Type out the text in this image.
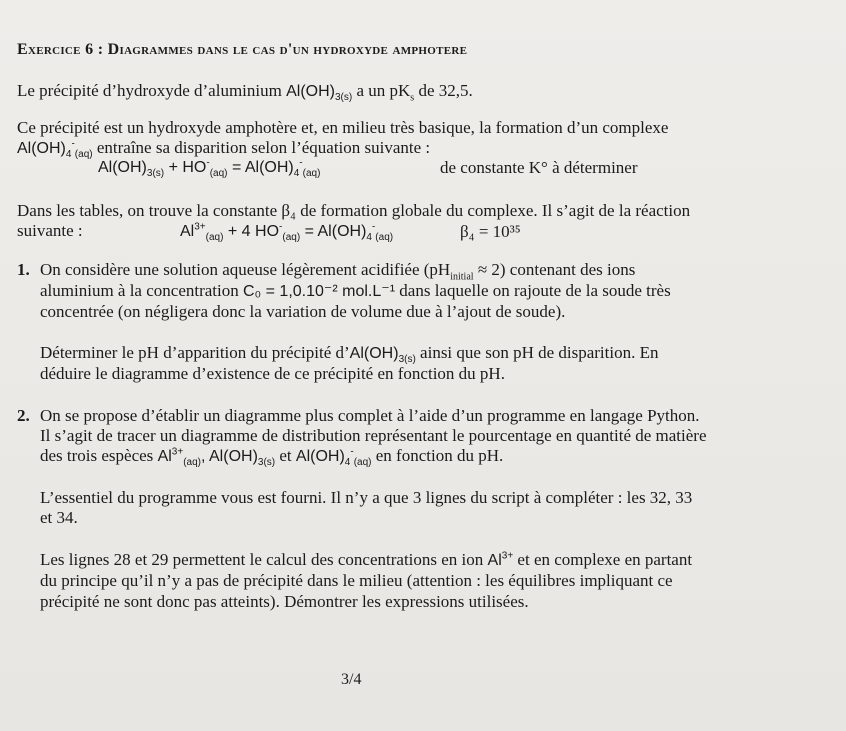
Exercice 6 : Diagrammes dans le cas d'un hydroxyde amphotere
Le précipité d’hydroxyde d’aluminium $Al(OH)_{3(s)}$ a un $pK_s$ de 32,5.
Ce précipité est un hydroxyde amphotère et, en milieu très basique, la formation d’un complexe
$Al(OH)_4^-_{(aq)}$ entraîne sa disparition selon l’équation suivante :
$Al(OH)_{3(s)} + HO^-_{(aq)} = Al(OH)_4^-_{(aq)}$	de constante K° à déterminer
Dans les tables, on trouve la constante β₄ de formation globale du complexe. Il s’agit de la réaction
suivante :	$Al^{3+}_{(aq)} + 4$ $HO^-_{(aq)} = Al(OH)_4^-_{(aq)}$	β₄ = 10³⁵
1. On considère une solution aqueuse légèrement acidifiée $(pH_{initial} \approx 2)$ contenant des ions
aluminium à la concentration C₀ = 1,0.10⁻² mol.L⁻¹ dans laquelle on rajoute de la soude très
concentrée (on négligera donc la variation de volume due à l’ajout de soude).
Déterminer le pH d’apparition du précipité $d’Al(OH)_{3(s)}$ ainsi que son pH de disparition. En
déduire le diagramme d’existence de ce précipité en fonction du pH.
2. On se propose d’établir un diagramme plus complet à l’aide d’un programme en langage Python.
Il s’agit de tracer un diagramme de distribution représentant le pourcentage en quantité de matière
des trois espèces $Al^{3+}_{(aq)}$, $Al(OH)_{3(s)}$ et $Al(OH)_4^-_{(aq)}$ en fonction du pH.
L’essentiel du programme vous est fourni. Il n’y a que 3 lignes du script à compléter : les 32, 33
et 34.
Les lignes 28 et 29 permettent le calcul des concentrations en ion $Al^{3+}$ et en complexe en partant
du principe qu’il n’y a pas de précipité dans le milieu (attention : les équilibres impliquant ce
précipité ne sont donc pas atteints). Démontrer les expressions utilisées.
3/4
